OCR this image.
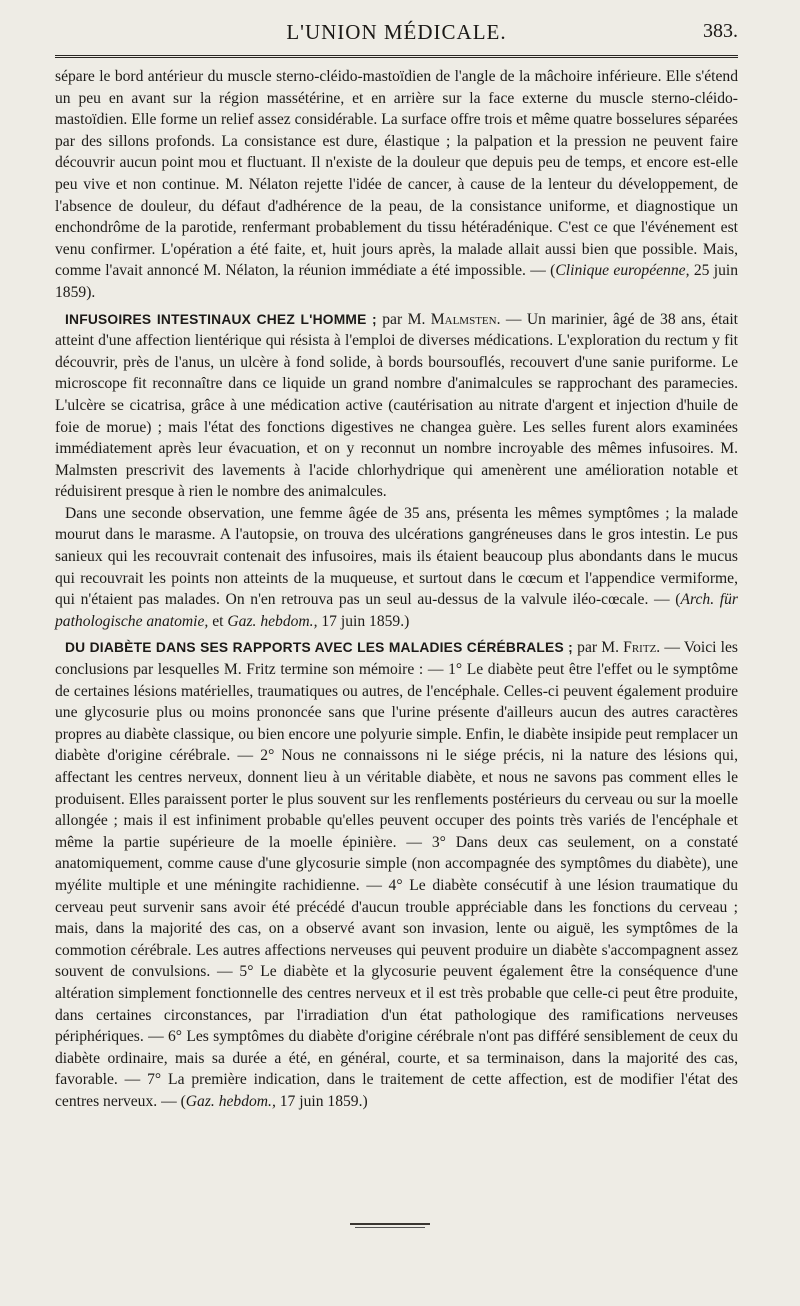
L'UNION MÉDICALE.	383.

sépare le bord antérieur du muscle sterno-cléido-mastoïdien de l'angle de la mâchoire inférieure. Elle s'étend un peu en avant sur la région massétérine, et en arrière sur la face externe du muscle sterno-cléido-mastoïdien. Elle forme un relief assez considérable. La surface offre trois et même quatre bosselures séparées par des sillons profonds. La consistance est dure, élastique ; la palpation et la pression ne peuvent faire découvrir aucun point mou et fluctuant. Il n'existe de la douleur que depuis peu de temps, et encore est-elle peu vive et non continue. M. Nélaton rejette l'idée de cancer, à cause de la lenteur du développement, de l'absence de douleur, du défaut d'adhérence de la peau, de la consistance uniforme, et diagnostique un enchondrôme de la parotide, renfermant probablement du tissu hétéradénique. C'est ce que l'événement est venu confirmer. L'opération a été faite, et, huit jours après, la malade allait aussi bien que possible. Mais, comme l'avait annoncé M. Nélaton, la réunion immédiate a été impossible. — (Clinique européenne, 25 juin 1859).

INFUSOIRES INTESTINAUX CHEZ L'HOMME ; par M. Malmsten. — Un marinier, âgé de 38 ans, était atteint d'une affection lientérique qui résista à l'emploi de diverses médications. L'exploration du rectum y fit découvrir, près de l'anus, un ulcère à fond solide, à bords boursouflés, recouvert d'une sanie puriforme. Le microscope fit reconnaître dans ce liquide un grand nombre d'animalcules se rapprochant des paramecies. L'ulcère se cicatrisa, grâce à une médication active (cautérisation au nitrate d'argent et injection d'huile de foie de morue) ; mais l'état des fonctions digestives ne changea guère. Les selles furent alors examinées immédiatement après leur évacuation, et on y reconnut un nombre incroyable des mêmes infusoires. M. Malmsten prescrivit des lavements à l'acide chlorhydrique qui amenèrent une amélioration notable et réduisirent presque à rien le nombre des animalcules.

Dans une seconde observation, une femme âgée de 35 ans, présenta les mêmes symptômes ; la malade mourut dans le marasme. A l'autopsie, on trouva des ulcérations gangréneuses dans le gros intestin. Le pus sanieux qui les recouvrait contenait des infusoires, mais ils étaient beaucoup plus abondants dans le mucus qui recouvrait les points non atteints de la muqueuse, et surtout dans le cœcum et l'appendice vermiforme, qui n'étaient pas malades. On n'en retrouva pas un seul au-dessus de la valvule iléo-cœcale. — (Arch. für pathologische anatomie, et Gaz. hebdom., 17 juin 1859.)

DU DIABÈTE DANS SES RAPPORTS AVEC LES MALADIES CÉRÉBRALES ; par M. Fritz. — Voici les conclusions par lesquelles M. Fritz termine son mémoire : — 1° Le diabète peut être l'effet ou le symptôme de certaines lésions matérielles, traumatiques ou autres, de l'encéphale. Celles-ci peuvent également produire une glycosurie plus ou moins prononcée sans que l'urine présente d'ailleurs aucun des autres caractères propres au diabète classique, ou bien encore une polyurie simple. Enfin, le diabète insipide peut remplacer un diabète d'origine cérébrale. — 2° Nous ne connaissons ni le siége précis, ni la nature des lésions qui, affectant les centres nerveux, donnent lieu à un véritable diabète, et nous ne savons pas comment elles le produisent. Elles paraissent porter le plus souvent sur les renflements postérieurs du cerveau ou sur la moelle allongée ; mais il est infiniment probable qu'elles peuvent occuper des points très variés de l'encéphale et même la partie supérieure de la moelle épinière. — 3° Dans deux cas seulement, on a constaté anatomiquement, comme cause d'une glycosurie simple (non accompagnée des symptômes du diabète), une myélite multiple et une méningite rachidienne. — 4° Le diabète consécutif à une lésion traumatique du cerveau peut survenir sans avoir été précédé d'aucun trouble appréciable dans les fonctions du cerveau ; mais, dans la majorité des cas, on a observé avant son invasion, lente ou aiguë, les symptômes de la commotion cérébrale. Les autres affections nerveuses qui peuvent produire un diabète s'accompagnent assez souvent de convulsions. — 5° Le diabète et la glycosurie peuvent également être la conséquence d'une altération simplement fonctionnelle des centres nerveux et il est très probable que celle-ci peut être produite, dans certaines circonstances, par l'irradiation d'un état pathologique des ramifications nerveuses périphériques. — 6° Les symptômes du diabète d'origine cérébrale n'ont pas différé sensiblement de ceux du diabète ordinaire, mais sa durée a été, en général, courte, et sa terminaison, dans la majorité des cas, favorable. — 7° La première indication, dans le traitement de cette affection, est de modifier l'état des centres nerveux. — (Gaz. hebdom., 17 juin 1859.)
